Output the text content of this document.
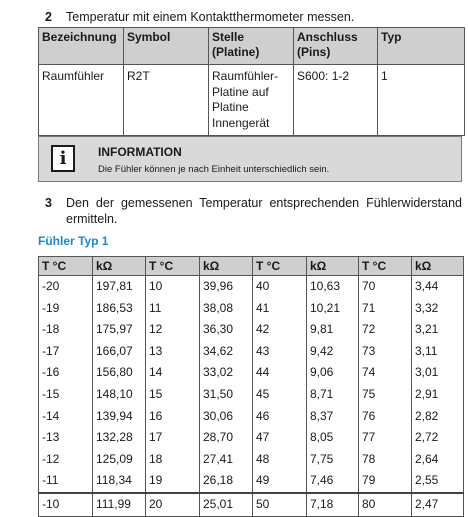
2 Temperatur mit einem Kontaktthermometer messen.
Bezeichnung	Symbol	Stelle (Platine)	Anschluss (Pins)	Typ
Raumfühler	R2T	Raumfühler-Platine auf Platine Innengerät	S600: 1-2	1
i	INFORMATION
Die Fühler können je nach Einheit unterschiedlich sein.
3 Den der gemessenen Temperatur entsprechenden Fühlerwiderstand ermitteln.
Fühler Typ 1
T °C	kΩ	T °C	kΩ	T °C	kΩ	T °C	kΩ
-20	197,81	10	39,96	40	10,63	70	3,44
-19	186,53	11	38,08	41	10,21	71	3,32
-18	175,97	12	36,30	42	9,81	72	3,21
-17	166,07	13	34,62	43	9,42	73	3,11
-16	156,80	14	33,02	44	9,06	74	3,01
-15	148,10	15	31,50	45	8,71	75	2,91
-14	139,94	16	30,06	46	8,37	76	2,82
-13	132,28	17	28,70	47	8,05	77	2,72
-12	125,09	18	27,41	48	7,75	78	2,64
-11	118,34	19	26,18	49	7,46	79	2,55
-10	111,99	20	25,01	50	7,18	80	2,47
